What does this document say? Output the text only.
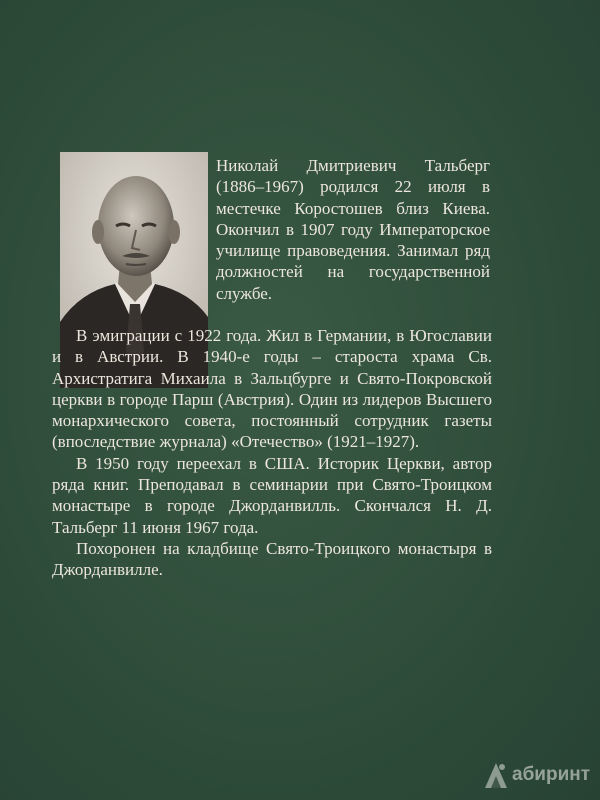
Николай Дмитриевич Тальберг (1886–1967) родился 22 июля в местечке Коростошев близ Киева. Окончил в 1907 году Императорское училище правоведения. Занимал ряд должностей на государственной службе.

В эмиграции с 1922 года. Жил в Германии, в Югославии и в Австрии. В 1940-е годы – староста храма Св. Архистратига Михаила в Зальцбурге и Свято-Покровской церкви в городе Парш (Австрия). Один из лидеров Высшего монархического совета, постоянный сотрудник газеты (впоследствие журнала) «Отечество» (1921–1927).

В 1950 году переехал в США. Историк Церкви, автор ряда книг. Преподавал в семинарии при Свято-Троицком монастыре в городе Джорданвилль. Скончался Н. Д. Тальберг 11 июня 1967 года.

Похоронен на кладбище Свято-Троицкого монастыря в Джорданвилле.

абиринт
